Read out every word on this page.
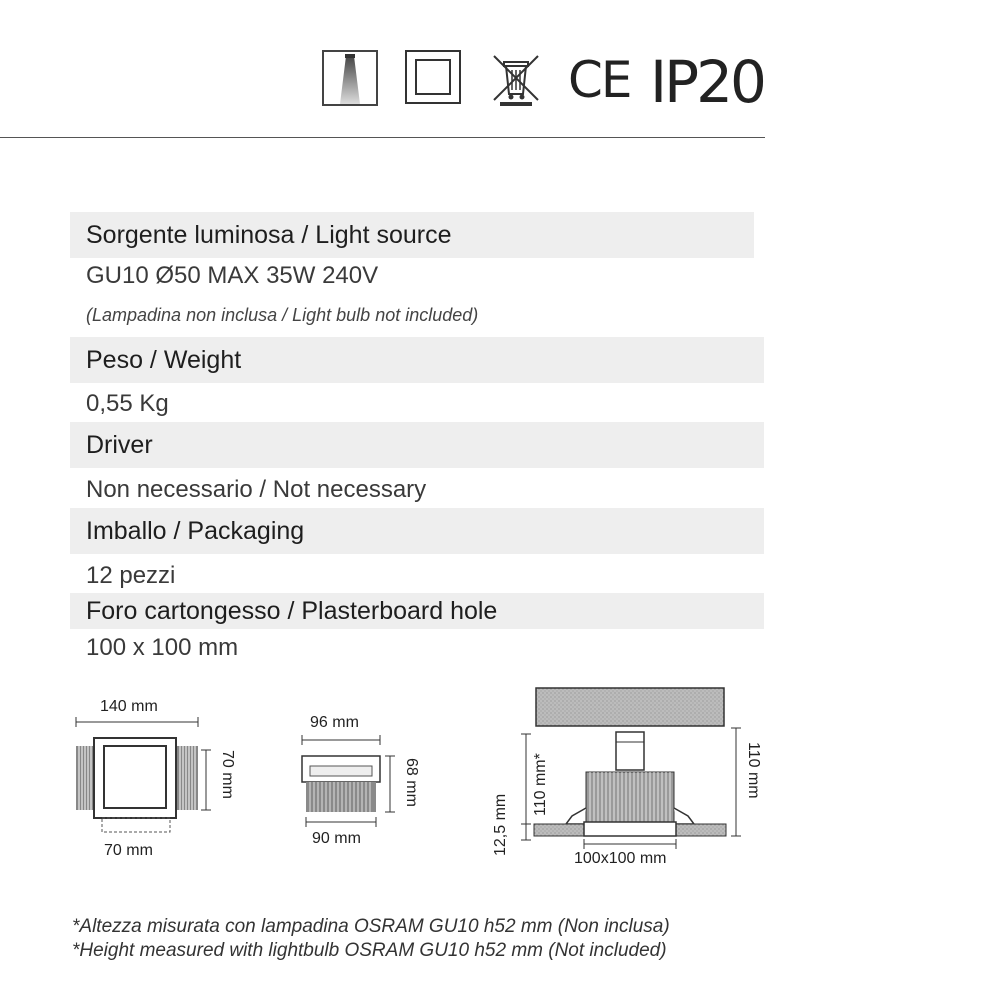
CE IP20
Sorgente luminosa / Light source
GU10 Ø50 MAX 35W 240V
(Lampadina non inclusa / Light bulb not included)
Peso / Weight
0,55 Kg
Driver
Non necessario / Not necessary
Imballo / Packaging
12 pezzi
Foro cartongesso / Plasterboard hole
100 x 100 mm
140 mm
70 mm
70 mm
96 mm
68 mm
90 mm
110 mm*
12,5 mm
110 mm
100x100 mm
*Altezza misurata con lampadina OSRAM GU10 h52 mm (Non inclusa)
*Height measured with lightbulb OSRAM GU10 h52 mm (Not included)
